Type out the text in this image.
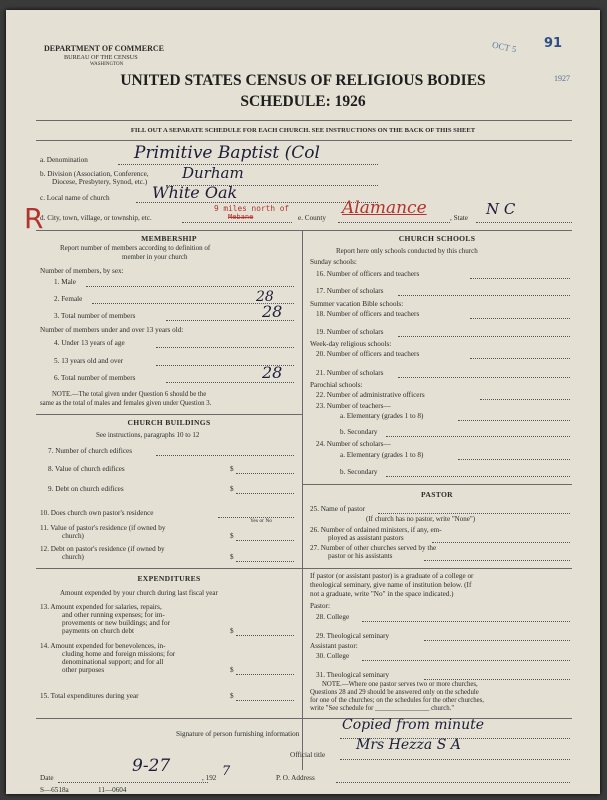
DEPARTMENT OF COMMERCE
BUREAU OF THE CENSUS
WASHINGTON
UNITED STATES CENSUS OF RELIGIOUS BODIES
SCHEDULE: 1926
91
OCT 5
1927
FILL OUT A SEPARATE SCHEDULE FOR EACH CHURCH. SEE INSTRUCTIONS ON THE BACK OF THIS SHEET
a. Denomination	Primitive Baptist (Col
b. Division (Association, Conference,
Diocese, Presbytery, Synod, etc.) Durham
c. Local name of church	White Oak
R
d. City, town, village, or township, etc.
9 miles north of
Mebane	e. County Alamance	, State N C
MEMBERSHIP
Report number of members according to definition of
member in your church
Number of members, by sex:
1. Male
2. Female	28
3. Total number of members	28
Number of members under and over 13 years old:
4. Under 13 years of age
5. 13 years old and over
6. Total number of members	28
NOTE.—The total given under Question 6 should be the
same as the total of males and females given under Question 3.
CHURCH BUILDINGS
See instructions, paragraphs 10 to 12
7. Number of church edifices
8. Value of church edifices	$
9. Debt on church edifices	$
10. Does church own pastor's residence
Yes or No
11. Value of pastor's residence (if owned by
church)	$
12. Debt on pastor's residence (if owned by
church)	$
EXPENDITURES
Amount expended by your church during last fiscal year
13. Amount expended for salaries, repairs,
and other running expenses; for im-
provements or new buildings; and for
payments on church debt	$
14. Amount expended for benevolences, in-
cluding home and foreign missions; for
denominational support; and for all
other purposes	$
15. Total expenditures during year	$
CHURCH SCHOOLS
Report here only schools conducted by this church
Sunday schools:
16. Number of officers and teachers
17. Number of scholars
Summer vacation Bible schools:
18. Number of officers and teachers
19. Number of scholars
Week-day religious schools:
20. Number of officers and teachers
21. Number of scholars
Parochial schools:
22. Number of administrative officers
23. Number of teachers—
a. Elementary (grades 1 to 8)
b. Secondary
24. Number of scholars—
a. Elementary (grades 1 to 8)
b. Secondary
PASTOR
25. Name of pastor
(If church has no pastor, write "None")
26. Number of ordained ministers, if any, em-
ployed as assistant pastors
27. Number of other churches served by the
pastor or his assistants
If pastor (or assistant pastor) is a graduate of a college or
theological seminary, give name of institution below. (If
not a graduate, write "No" in the space indicated.)
Pastor:
28. College
29. Theological seminary
Assistant pastor:
30. College
31. Theological seminary
NOTE.—Where one pastor serves two or more churches,
Questions 28 and 29 should be answered only on the schedule
for one of the churches; on the schedules for the other churches,
write "See schedule for ________________ church."
Signature of person furnishing information
Copied from minute
Official title
Mrs Hezza S A
Date
9-27
, 192 7	P. O. Address
S—6518a	11—0604
